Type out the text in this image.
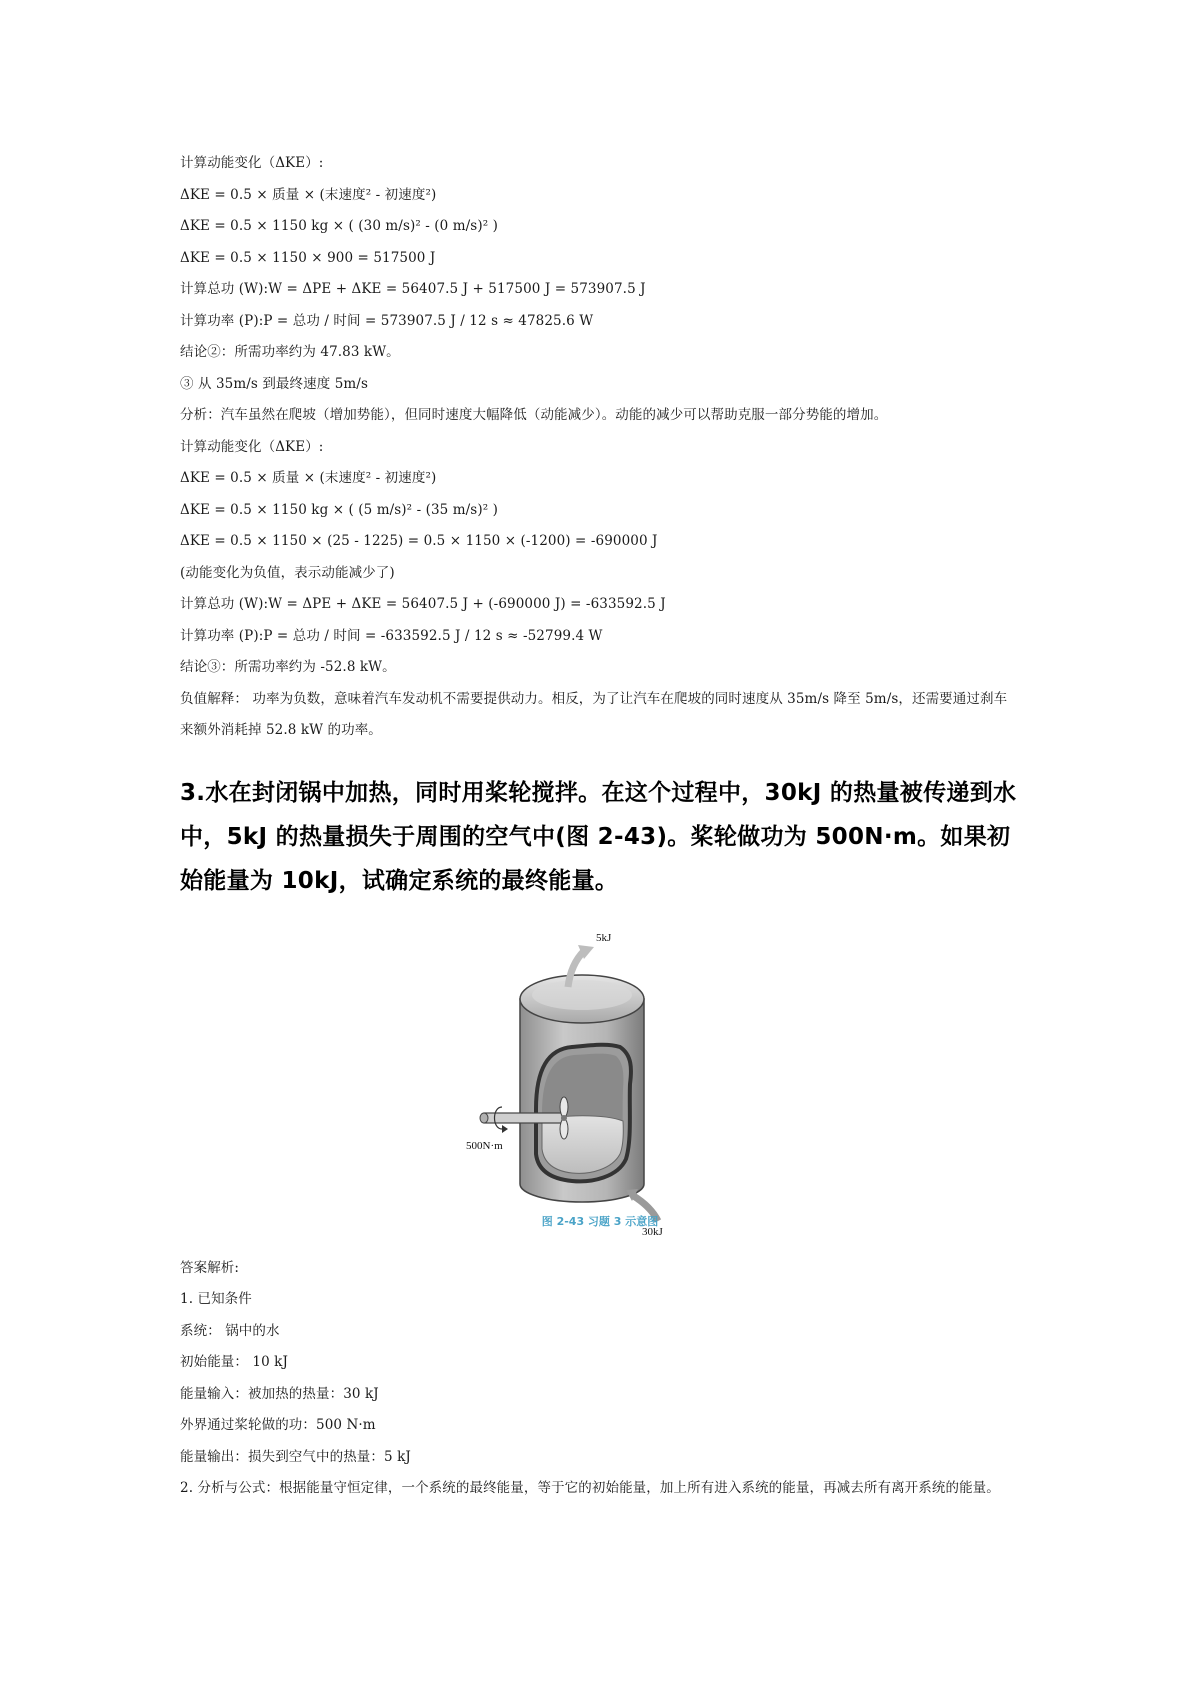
计算动能变化（ΔKE）:
ΔKE = 0.5 × 质量 × (末速度² - 初速度²)
ΔKE = 0.5 × 1150 kg × ( (30 m/s)² - (0 m/s)² )
ΔKE = 0.5 × 1150 × 900 = 517500 J
计算总功 (W):W = ΔPE + ΔKE = 56407.5 J + 517500 J = 573907.5 J
计算功率 (P):P = 总功 / 时间 = 573907.5 J / 12 s ≈ 47825.6 W
结论②：所需功率约为 47.83 kW。
③ 从 35m/s 到最终速度 5m/s
分析：汽车虽然在爬坡（增加势能），但同时速度大幅降低（动能减少）。动能的减少可以帮助克服一部分势能的增加。
计算动能变化（ΔKE）:
ΔKE = 0.5 × 质量 × (末速度² - 初速度²)
ΔKE = 0.5 × 1150 kg × ( (5 m/s)² - (35 m/s)² )
ΔKE = 0.5 × 1150 × (25 - 1225) = 0.5 × 1150 × (-1200) = -690000 J
(动能变化为负值，表示动能减少了)
计算总功 (W):W = ΔPE + ΔKE = 56407.5 J + (-690000 J) = -633592.5 J
计算功率 (P):P = 总功 / 时间 = -633592.5 J / 12 s ≈ -52799.4 W
结论③：所需功率约为 -52.8 kW。
负值解释： 功率为负数，意味着汽车发动机不需要提供动力。相反，为了让汽车在爬坡的同时速度从 35m/s 降至 5m/s，还需要通过刹车来额外消耗掉 52.8 kW 的功率。
3.水在封闭锅中加热，同时用桨轮搅拌。在这个过程中，30kJ 的热量被传递到水中，5kJ 的热量损失于周围的空气中(图 2-43)。桨轮做功为 500N·m。如果初始能量为 10kJ，试确定系统的最终能量。
5kJ
500N·m
30kJ
图 2-43 习题 3 示意图
答案解析:
1. 已知条件
系统： 锅中的水
初始能量： 10 kJ
能量输入：被加热的热量：30 kJ
外界通过桨轮做的功：500 N·m
能量输出：损失到空气中的热量：5 kJ
2. 分析与公式：根据能量守恒定律，一个系统的最终能量，等于它的初始能量，加上所有进入系统的能量，再减去所有离开系统的能量。
